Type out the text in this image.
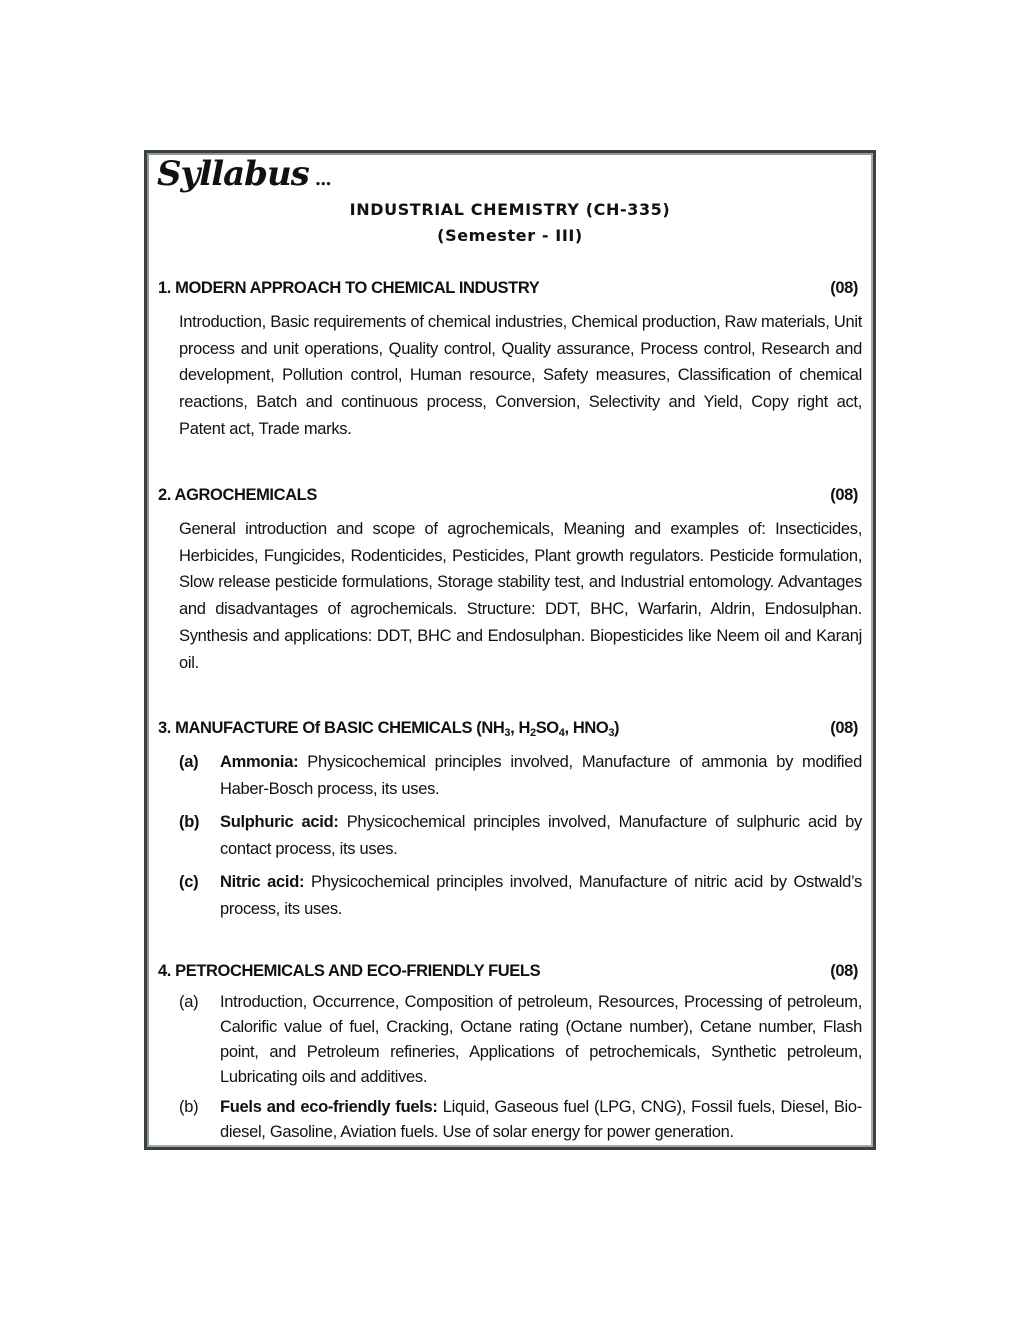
Syllabus ...
INDUSTRIAL CHEMISTRY (CH-335)
(Semester - III)
1. MODERN APPROACH TO CHEMICAL INDUSTRY	(08)
Introduction, Basic requirements of chemical industries, Chemical production, Raw materials, Unit process and unit operations, Quality control, Quality assurance, Process control, Research and development, Pollution control, Human resource, Safety measures, Classification of chemical reactions, Batch and continuous process, Conversion, Selectivity and Yield, Copy right act, Patent act, Trade marks.
2. AGROCHEMICALS	(08)
General introduction and scope of agrochemicals, Meaning and examples of: Insecticides, Herbicides, Fungicides, Rodenticides, Pesticides, Plant growth regulators. Pesticide formulation, Slow release pesticide formulations, Storage stability test, and Industrial entomology. Advantages and disadvantages of agrochemicals. Structure: DDT, BHC, Warfarin, Aldrin, Endosulphan. Synthesis and applications: DDT, BHC and Endosulphan. Biopesticides like Neem oil and Karanj oil.
3. MANUFACTURE Of BASIC CHEMICALS ($NH_3$, $H_2SO_4$, $HNO_3$)	(08)
(a) Ammonia: Physicochemical principles involved, Manufacture of ammonia by modified Haber-Bosch process, its uses.
(b) Sulphuric acid: Physicochemical principles involved, Manufacture of sulphuric acid by contact process, its uses.
(c) Nitric acid: Physicochemical principles involved, Manufacture of nitric acid by Ostwald’s process, its uses.
4. PETROCHEMICALS AND ECO-FRIENDLY FUELS	(08)
(a) Introduction, Occurrence, Composition of petroleum, Resources, Processing of petroleum, Calorific value of fuel, Cracking, Octane rating (Octane number), Cetane number, Flash point, and Petroleum refineries, Applications of petrochemicals, Synthetic petroleum, Lubricating oils and additives.
(b) Fuels and eco-friendly fuels: Liquid, Gaseous fuel (LPG, CNG), Fossil fuels, Diesel, Bio-diesel, Gasoline, Aviation fuels. Use of solar energy for power generation.
